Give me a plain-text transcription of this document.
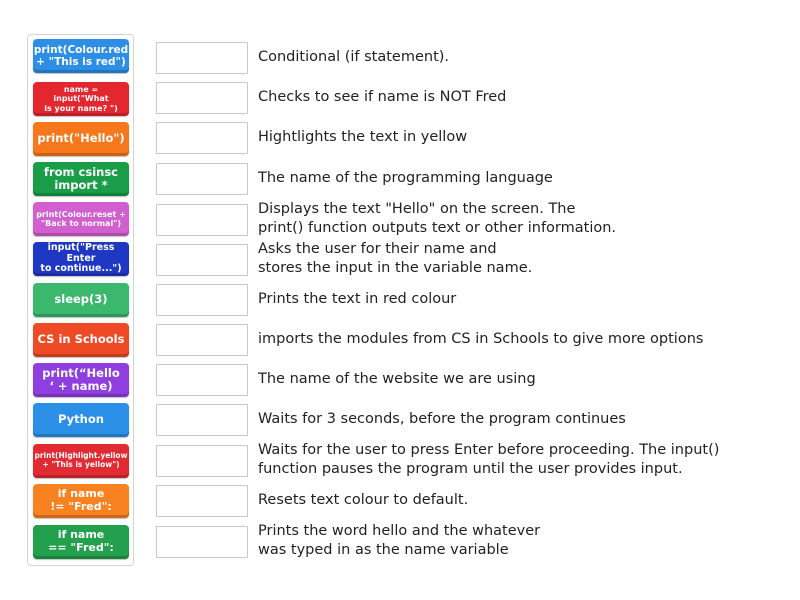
print(Colour.red
+ "This is red")
name = input("What
is your name? ")
print("Hello")
from csinsc
import *
print(Colour.reset +
"Back to normal")
input("Press Enter
to continue...")
sleep(3)
CS in Schools
print(“Hello
‘ + name)
Python
print(Highlight.yellow
+ "This is yellow")
if name
!= "Fred":
if name
== "Fred":
Conditional (if statement).
Checks to see if name is NOT Fred
Hightlights the text in yellow
The name of the programming language
Displays the text "Hello" on the screen. The
print() function outputs text or other information.
Asks the user for their name and
stores the input in the variable name.
Prints the text in red colour
imports the modules from CS in Schools to give more options
The name of the website we are using
Waits for 3 seconds, before the program continues
Waits for the user to press Enter before proceeding. The input()
function pauses the program until the user provides input.
Resets text colour to default.
Prints the word hello and the whatever
was typed in as the name variable
